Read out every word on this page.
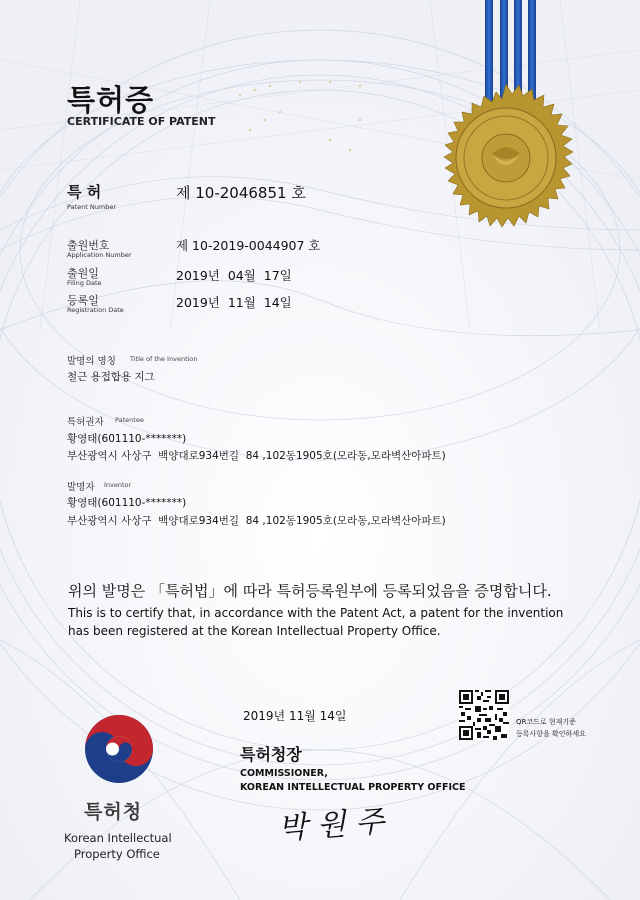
특허증
CERTIFICATE OF PATENT
특 허
Patent Number
제 10-2046851 호
출원번호
Application Number
제 10-2019-0044907 호
출원일
Filing Date	2019년  04월  17일
등록일
Registration Date	2019년  11월  14일
발명의 명칭 Title of the Invention
철근 용접합용 지그
특허권자 Patentee
황영태(601110-*******)
부산광역시 사상구  백양대로934번길  84 ,102동1905호(모라동,모라벽산아파트)
발명자 Inventor
황영태(601110-*******)
부산광역시 사상구  백양대로934번길  84 ,102동1905호(모라동,모라벽산아파트)
위의 발명은 「특허법」에 따라 특허등록원부에 등록되었음을 증명합니다.
This is to certify that, in accordance with the Patent Act, a patent for the invention
has been registered at the Korean Intellectual Property Office.
2019년 11월 14일
특허청장
COMMISSIONER,
KOREAN INTELLECTUAL PROPERTY OFFICE
박 원 주
QR코드로 현재기준
등록사항을 확인하세요
특허청
Korean Intellectual
Property Office
